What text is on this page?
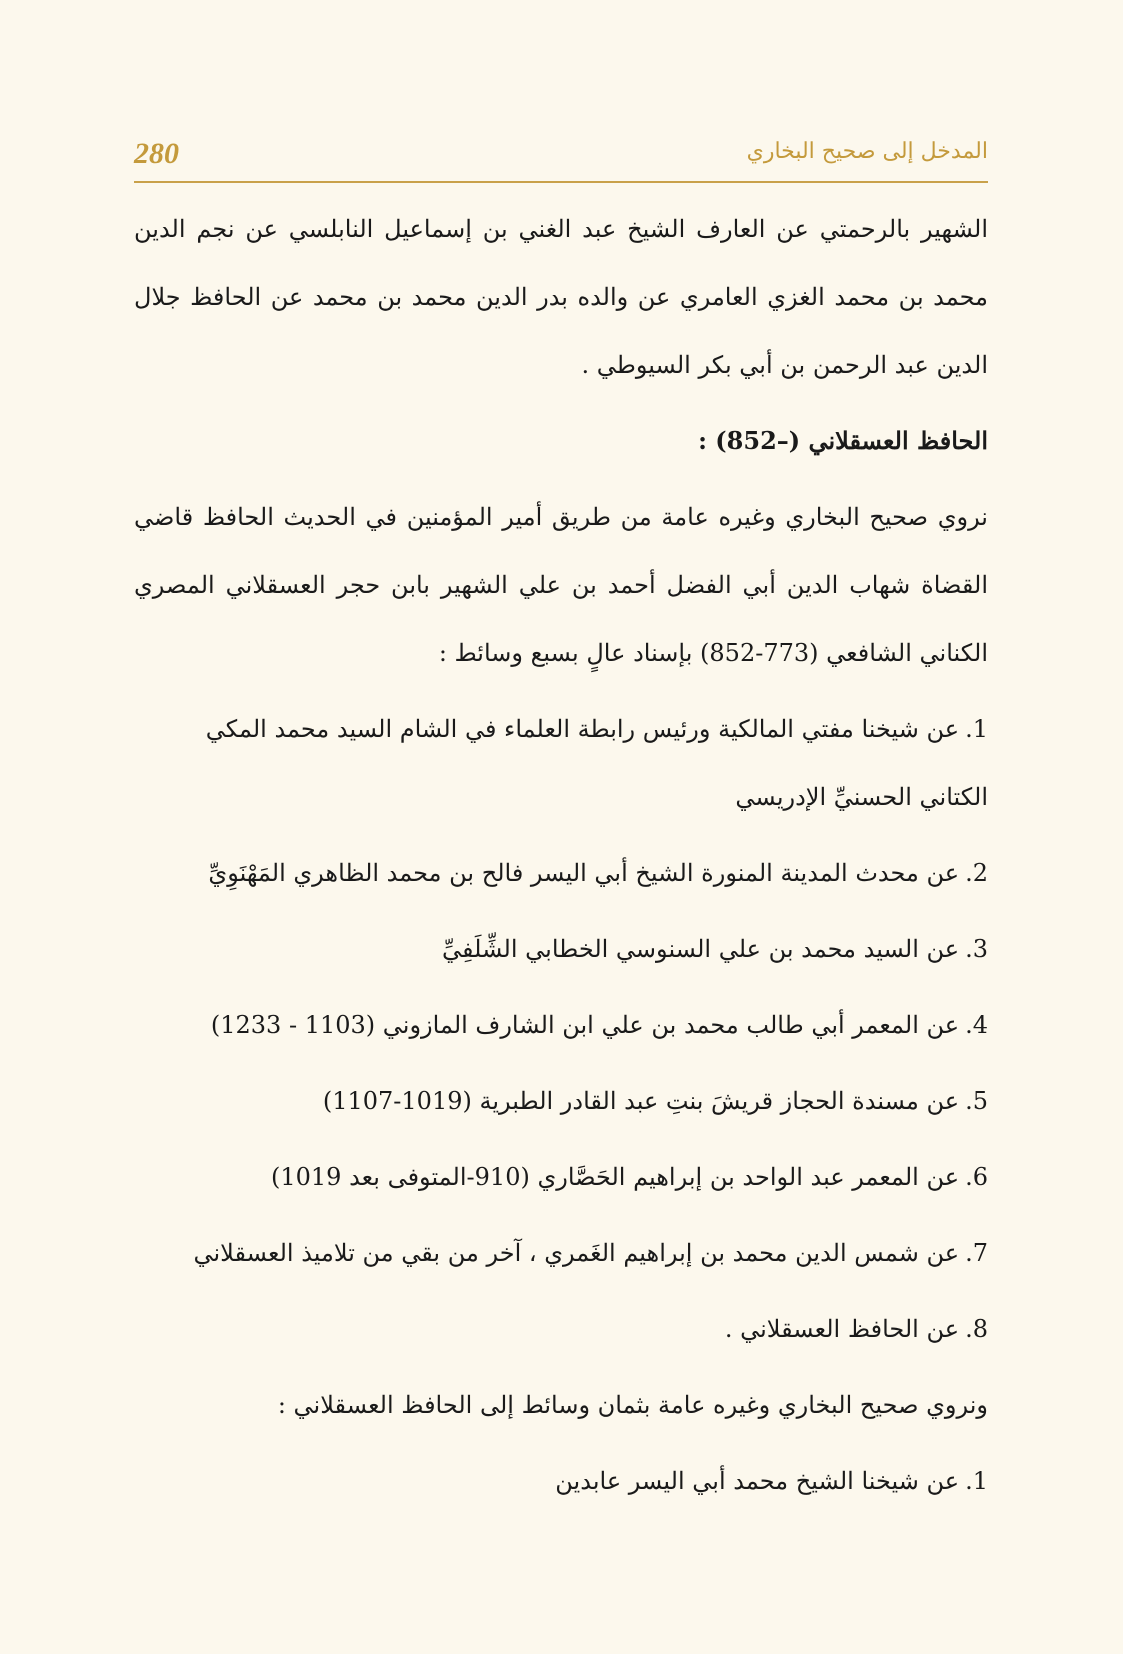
280	المدخل إلى صحيح البخاري

الشهير بالرحمتي عن العارف الشيخ عبد الغني بن إسماعيل النابلسي عن نجم الدين محمد بن محمد الغزي العامري عن والده بدر الدين محمد بن محمد عن الحافظ جلال الدين عبد الرحمن بن أبي بكر السيوطي .

الحافظ العسقلاني (–852) :

نروي صحيح البخاري وغيره عامة من طريق أمير المؤمنين في الحديث الحافظ قاضي القضاة شهاب الدين أبي الفضل أحمد بن علي الشهير بابن حجر العسقلاني المصري الكناني الشافعي (773-852) بإسناد عالٍ بسبع وسائط :

1.عن شيخنا مفتي المالكية ورئيس رابطة العلماء في الشام السيد محمد المكي الكتاني الحسنيِّ الإدريسي
2.عن محدث المدينة المنورة الشيخ أبي اليسر فالح بن محمد الظاهري المَهْنَوِيِّ
3.عن السيد محمد بن علي السنوسي الخطابي الشِّلَفِيِّ
4.عن المعمر أبي طالب محمد بن علي ابن الشارف المازوني (1103 - 1233)
5.عن مسندة الحجاز قريشَ بنتِ عبد القادر الطبرية (1019-1107)
6.عن المعمر عبد الواحد بن إبراهيم الحَصَّاري (910-المتوفى بعد 1019)
7.عن شمس الدين محمد بن إبراهيم الغَمري ، آخر من بقي من تلاميذ العسقلاني
8.عن الحافظ العسقلاني .

ونروي صحيح البخاري وغيره عامة بثمان وسائط إلى الحافظ العسقلاني :

1.عن شيخنا الشيخ محمد أبي اليسر عابدين
